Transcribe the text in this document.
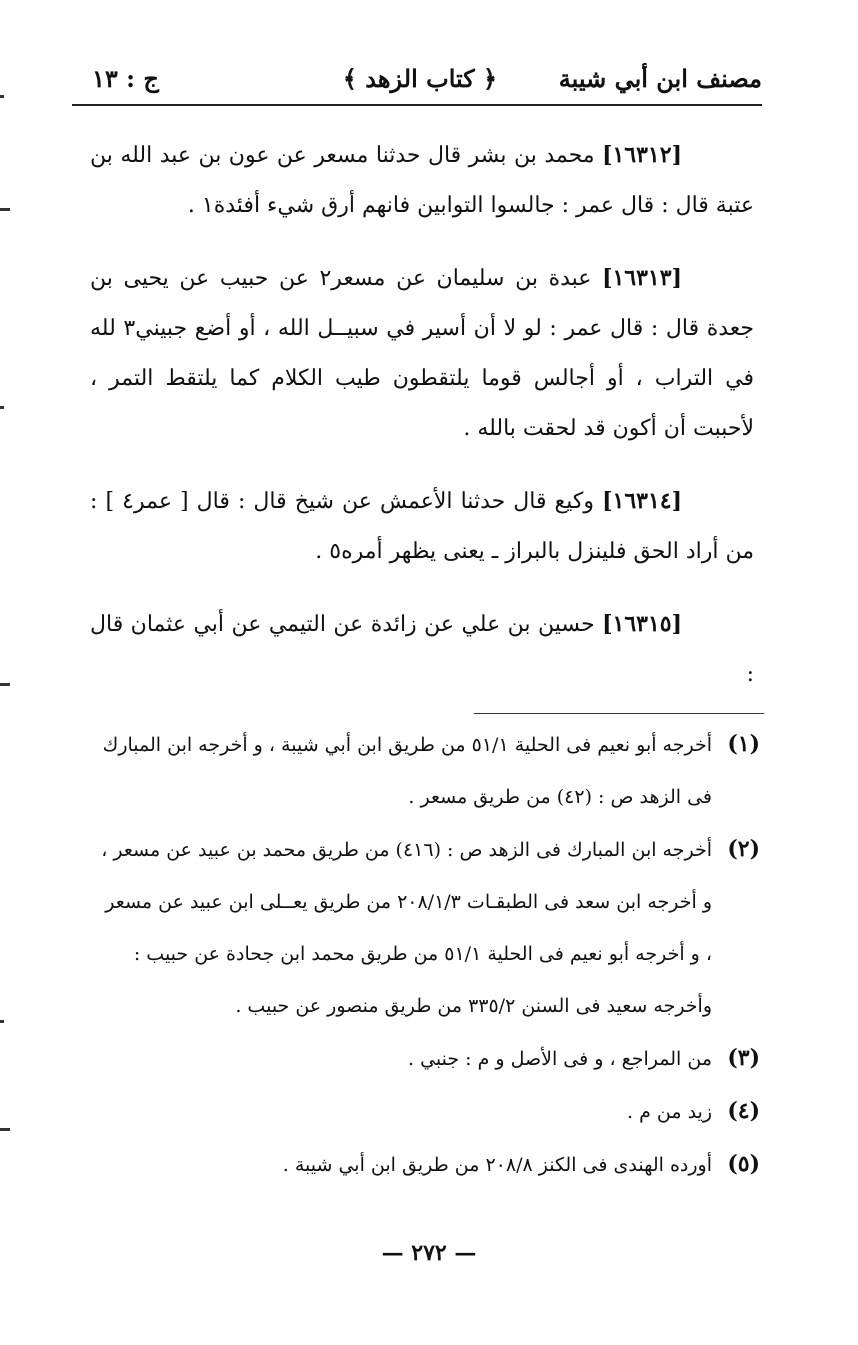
مصنف ابن أبي شيبة
﴿ كتاب الزهد ﴾
ج : ١٣

[١٦٣١٢] محمد بن بشر قال حدثنا مسعر عن عون بن عبد الله بن عتبة قال : قال عمر : جالسوا التوابين فانهم أرق شيء أفئدة١ .

[١٦٣١٣] عبدة بن سليمان عن مسعر٢ عن حبيب عن يحيى بن جعدة قال : قال عمر : لو لا أن أسير في سبيــل الله ، أو أضع جبيني٣ لله في التراب ، أو أجالس قوما يلتقطون طيب الكلام كما يلتقط التمر ، لأحببت أن أكون قد لحقت بالله .

[١٦٣١٤] وكيع قال حدثنا الأعمش عن شيخ قال : قال [ عمر٤ ] : من أراد الحق فلينزل بالبراز ـ يعنى يظهر أمره٥ .

[١٦٣١٥] حسين بن علي عن زائدة عن التيمي عن أبي عثمان قال :

(١)أخرجه أبو نعيم فى الحلية ٥١/١ من طريق ابن أبي شيبة ، و أخرجه ابن المبارك فى الزهد ص : (٤٢) من طريق مسعر .

(٢)أخرجه ابن المبارك فى الزهد ص : (٤١٦) من طريق محمد بن عبيد عن مسعر ، و أخرجه ابن سعد فى الطبقـات ٢٠٨/١/٣ من طريق يعــلى ابن عبيد عن مسعر ، و أخرجه أبو نعيم فى الحلية ٥١/١ من طريق محمد ابن جحادة عن حبيب : وأخرجه سعيد فى السنن ٣٣٥/٢ من طريق منصور عن حبيب .

(٣)من المراجع ، و فى الأصل و م : جنبي .

(٤)زيد من م .

(٥)أورده الهندى فى الكنز ٢٠٨/٨ من طريق ابن أبي شيبة .

— ٢٧٢ —
